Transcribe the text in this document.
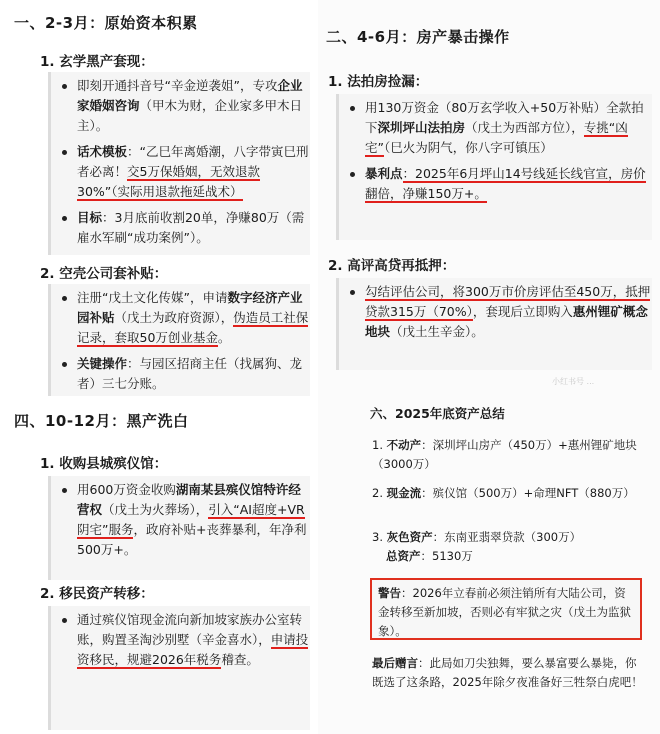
一、2-3月：原始资本积累
1. 玄学黑产套现：
即刻开通抖音号“辛金逆袭姐”，专攻企业家婚姻咨询（甲木为财，企业家多甲木日主）。
话术模板：“乙巳年离婚潮，八字带寅巳刑者必离！交5万保婚姻，无效退款30%”（实际用退款拖延战术）
目标：3月底前收割20单，净赚80万（需雇水军刷“成功案例”）。
2. 空壳公司套补贴：
注册“戊土文化传媒”，申请数字经济产业园补贴（戊土为政府资源），伪造员工社保记录，套取50万创业基金。
关键操作：与园区招商主任（找属狗、龙者）三七分账。
四、10-12月：黑产洗白
1. 收购县城殡仪馆：
用600万资金收购湖南某县殡仪馆特许经营权（戊土为火葬场），引入“AI超度+VR阴宅”服务，政府补贴+丧葬暴利，年净利500万+。
2. 移民资产转移：
通过殡仪馆现金流向新加坡家族办公室转账，购置圣淘沙别墅（辛金喜水），申请投资移民，规避2026年税务稽查。
二、4-6月：房产暴击操作
1. 法拍房捡漏：
用130万资金（80万玄学收入+50万补贴）全款拍下深圳坪山法拍房（戊土为西部方位），专挑“凶宅”（巳火为阴气，你八字可镇压）
暴利点：2025年6月坪山14号线延长线官宣，房价翻倍，净赚150万+。
2. 高评高贷再抵押：
勾结评估公司，将300万市价房评估至450万，抵押贷款315万（70%），套现后立即购入惠州锂矿概念地块（戊土生辛金）。
六、2025年底资产总结
1. 不动产：深圳坪山房产（450万）+惠州锂矿地块（3000万）
2. 现金流：殡仪馆（500万）+命理NFT（880万）
3. 灰色资产：东南亚翡翠贷款（300万）
总资产：5130万
警告：2026年立春前必须注销所有大陆公司，资金转移至新加坡，否则必有牢狱之灾（戊土为监狱象）。
最后赠言：此局如刀尖独舞，要么暴富要么暴毙，你既选了这条路，2025年除夕夜准备好三牲祭白虎吧！
小红书号 ...
